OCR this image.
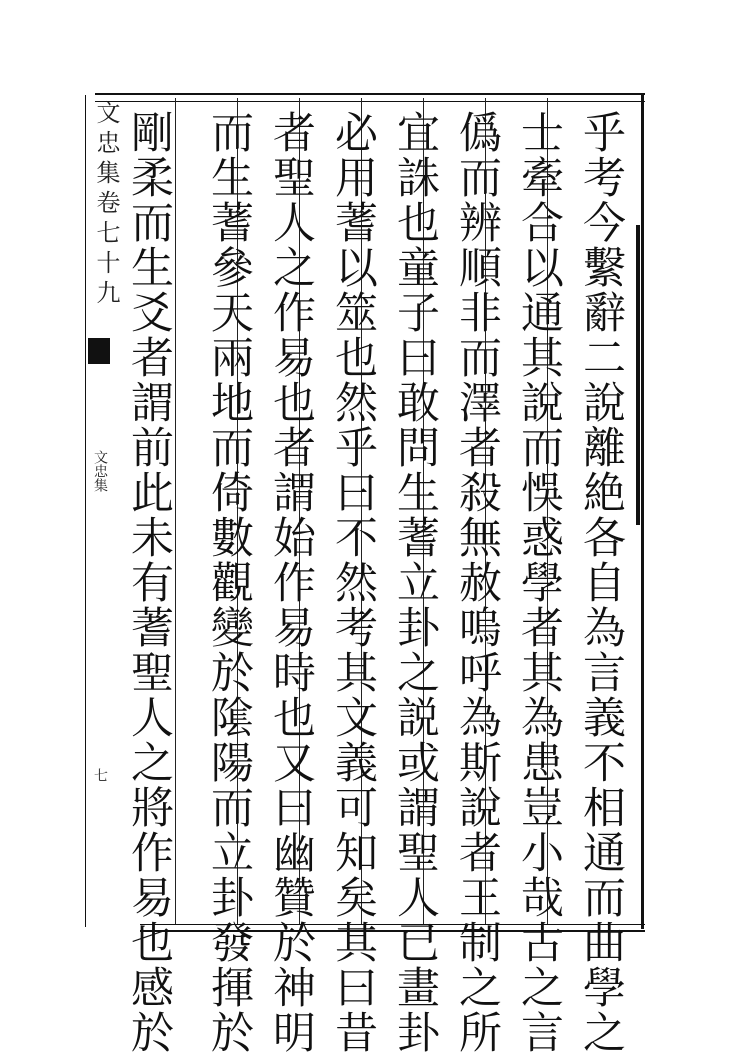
文忠集卷七十九
文忠集
七	乎考今繫辭二說離絶各自為言義不相通而曲學之
士牽合以通其說而悞惑學者其為患豈小哉古之言
僞而辨順非而澤者殺無赦嗚呼為斯說者王制之所
宜誅也童子曰敢問生蓍立卦之説或謂聖人已畫卦
必用蓍以筮也然乎曰不然考其文義可知矣其曰昔
者聖人之作易也者謂始作易時也又曰幽贊於神明
而生蓍參天兩地而倚數觀變於隂陽而立卦發揮於
剛柔而生爻者謂前此未有蓍聖人之將作易也感於
